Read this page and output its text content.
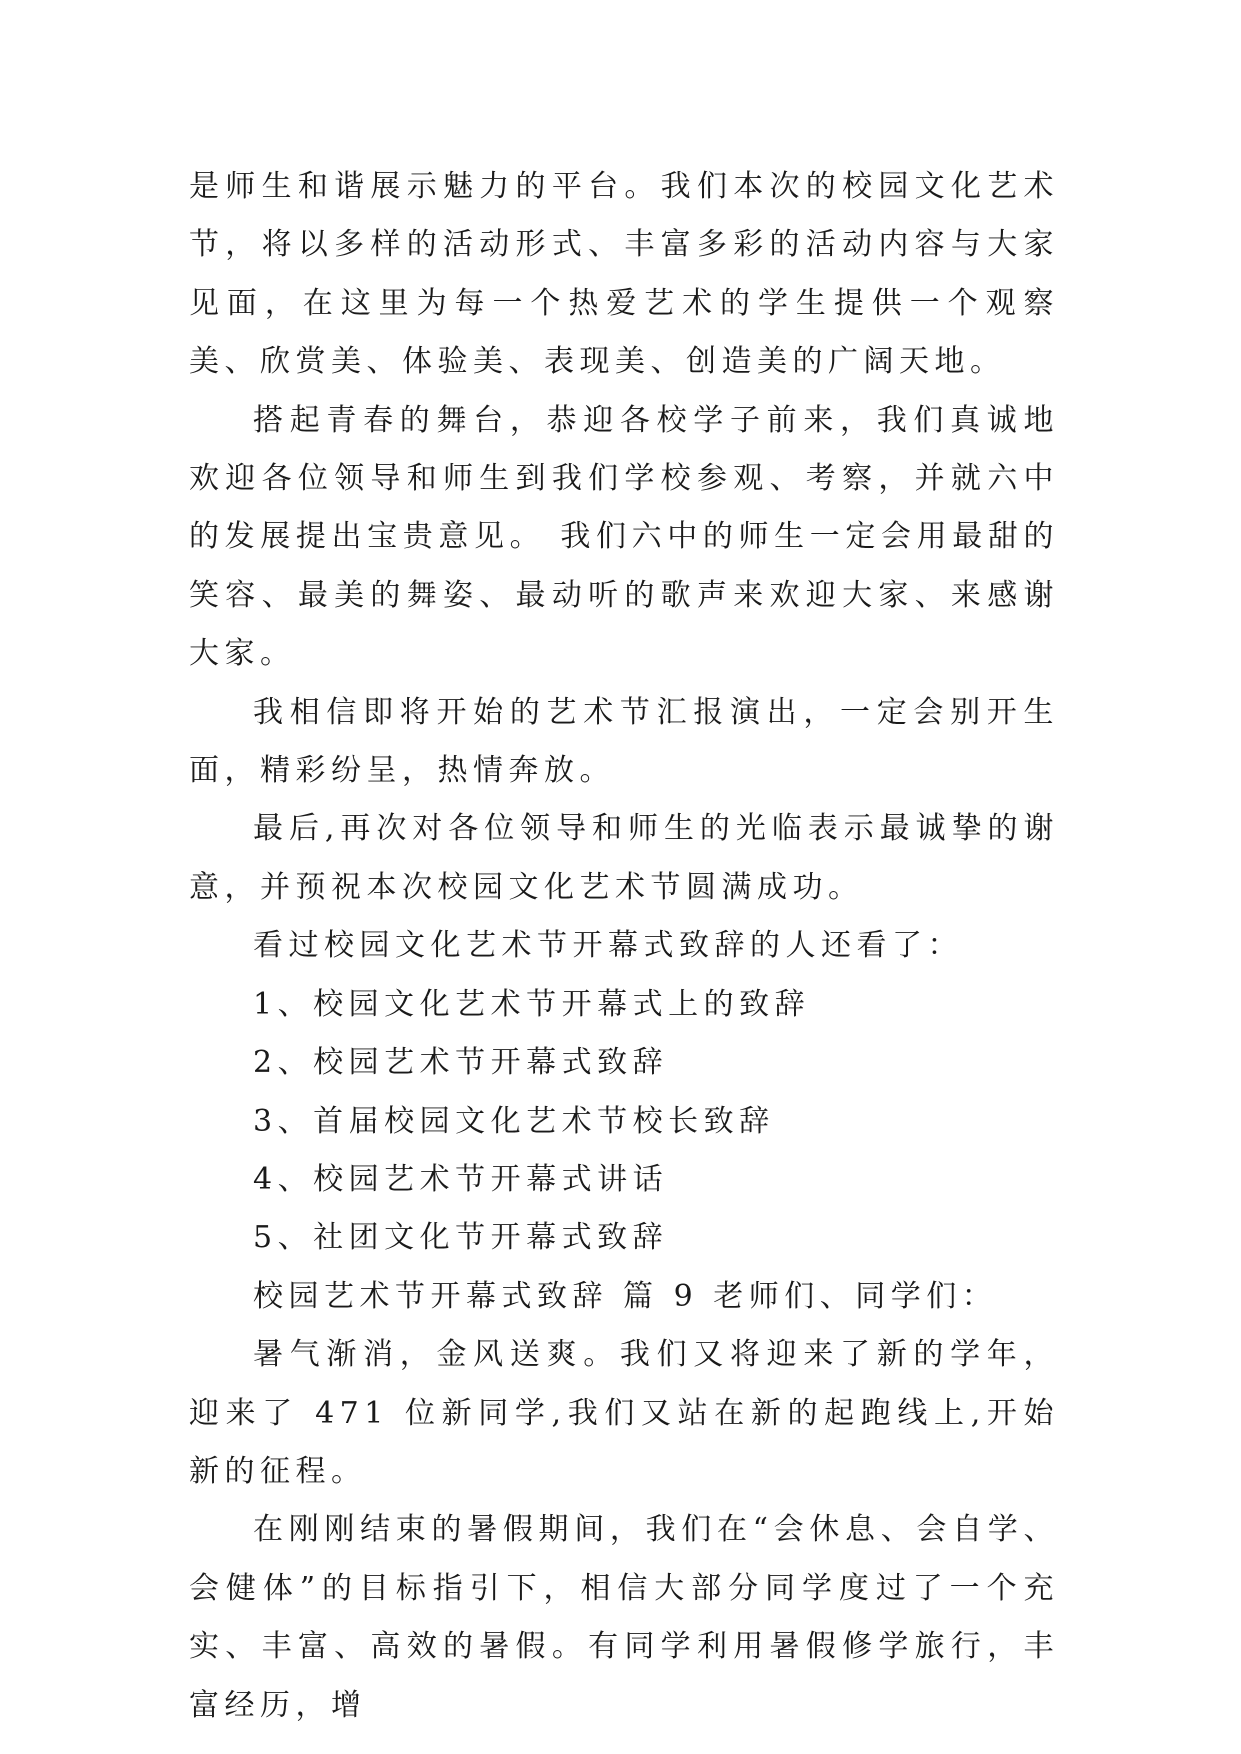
是师生和谐展示魅力的平台。我们本次的校园文化艺术节，将以多样的活动形式、丰富多彩的活动内容与大家见面，在这里为每一个热爱艺术的学生提供一个观察美、欣赏美、体验美、表现美、创造美的广阔天地。

搭起青春的舞台，恭迎各校学子前来，我们真诚地欢迎各位领导和师生到我们学校参观、考察，并就六中的发展提出宝贵意见。 我们六中的师生一定会用最甜的笑容、最美的舞姿、最动听的歌声来欢迎大家、来感谢大家。

我相信即将开始的艺术节汇报演出，一定会别开生面，精彩纷呈，热情奔放。

最后,再次对各位领导和师生的光临表示最诚挚的谢意，并预祝本次校园文化艺术节圆满成功。

看过校园文化艺术节开幕式致辞的人还看了：

1、校园文化艺术节开幕式上的致辞

2、校园艺术节开幕式致辞

3、首届校园文化艺术节校长致辞

4、校园艺术节开幕式讲话

5、社团文化节开幕式致辞

校园艺术节开幕式致辞 篇 9 老师们、同学们：

暑气渐消，金风送爽。我们又将迎来了新的学年，迎来了 471 位新同学,我们又站在新的起跑线上,开始新的征程。

在刚刚结束的暑假期间，我们在“会休息、会自学、会健体”的目标指引下，相信大部分同学度过了一个充实、丰富、高效的暑假。有同学利用暑假修学旅行，丰富经历，增
